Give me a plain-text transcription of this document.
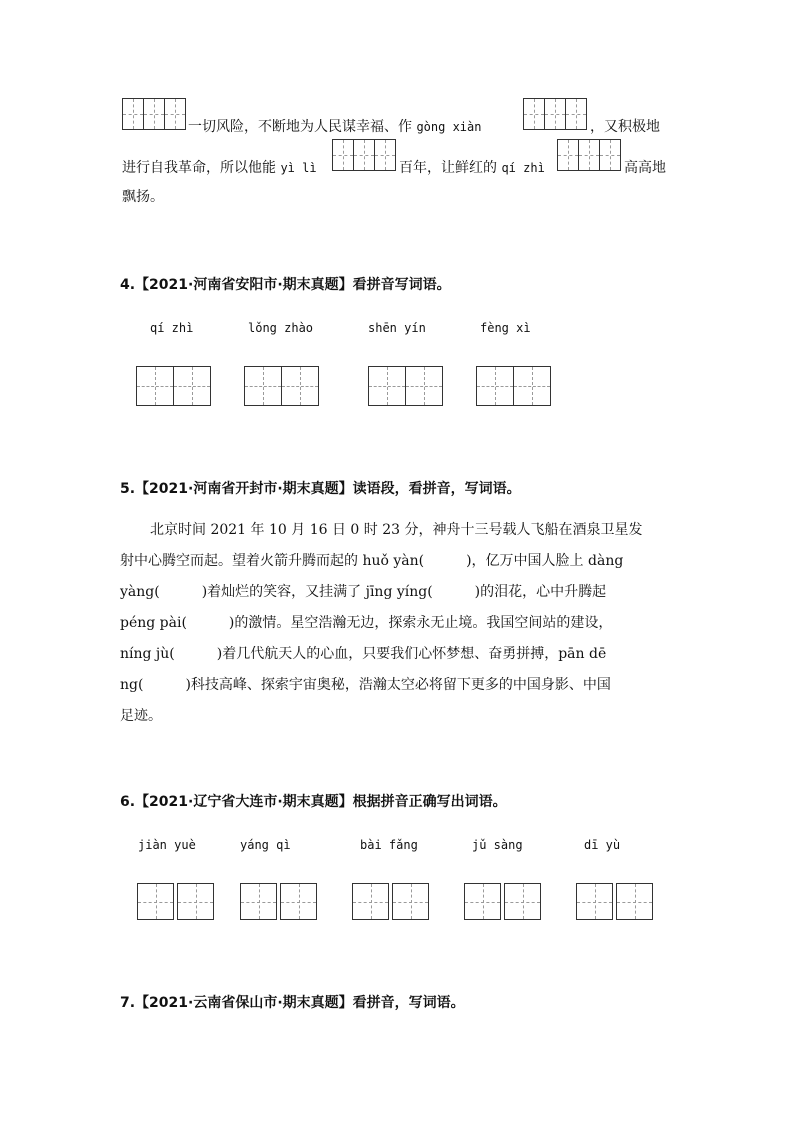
一切风险，不断地为人民谋幸福、作 gòng xiàn	，又积极地
进行自我革命，所以他能 yì lì	百年，让鲜红的 qí zhì	高高地
飘扬。
4.【2021·河南省安阳市·期末真题】看拼音写词语。
qí zhì	lǒng zhào	shēn yín	fèng xì
5.【2021·河南省开封市·期末真题】读语段，看拼音，写词语。
北京时间 2021 年 10 月 16 日 0 时 23 分，神舟十三号载人飞船在酒泉卫星发
射中心腾空而起。望着火箭升腾而起的 huǒ yàn(　　　)，亿万中国人脸上 dàng
yàng(　　　)着灿烂的笑容，又挂满了 jīng yíng(　　　)的泪花，心中升腾起
péng pài(　　　)的激情。星空浩瀚无边，探索永无止境。我国空间站的建设，
níng jù(　　　)着几代航天人的心血，只要我们心怀梦想、奋勇拼搏，pān dē
ng(　　　)科技高峰、探索宇宙奥秘，浩瀚太空必将留下更多的中国身影、中国
足迹。
6.【2021·辽宁省大连市·期末真题】根据拼音正确写出词语。
jiàn yuè	yáng qì	bài fǎng	jǔ sàng	dī yù
7.【2021·云南省保山市·期末真题】看拼音，写词语。
